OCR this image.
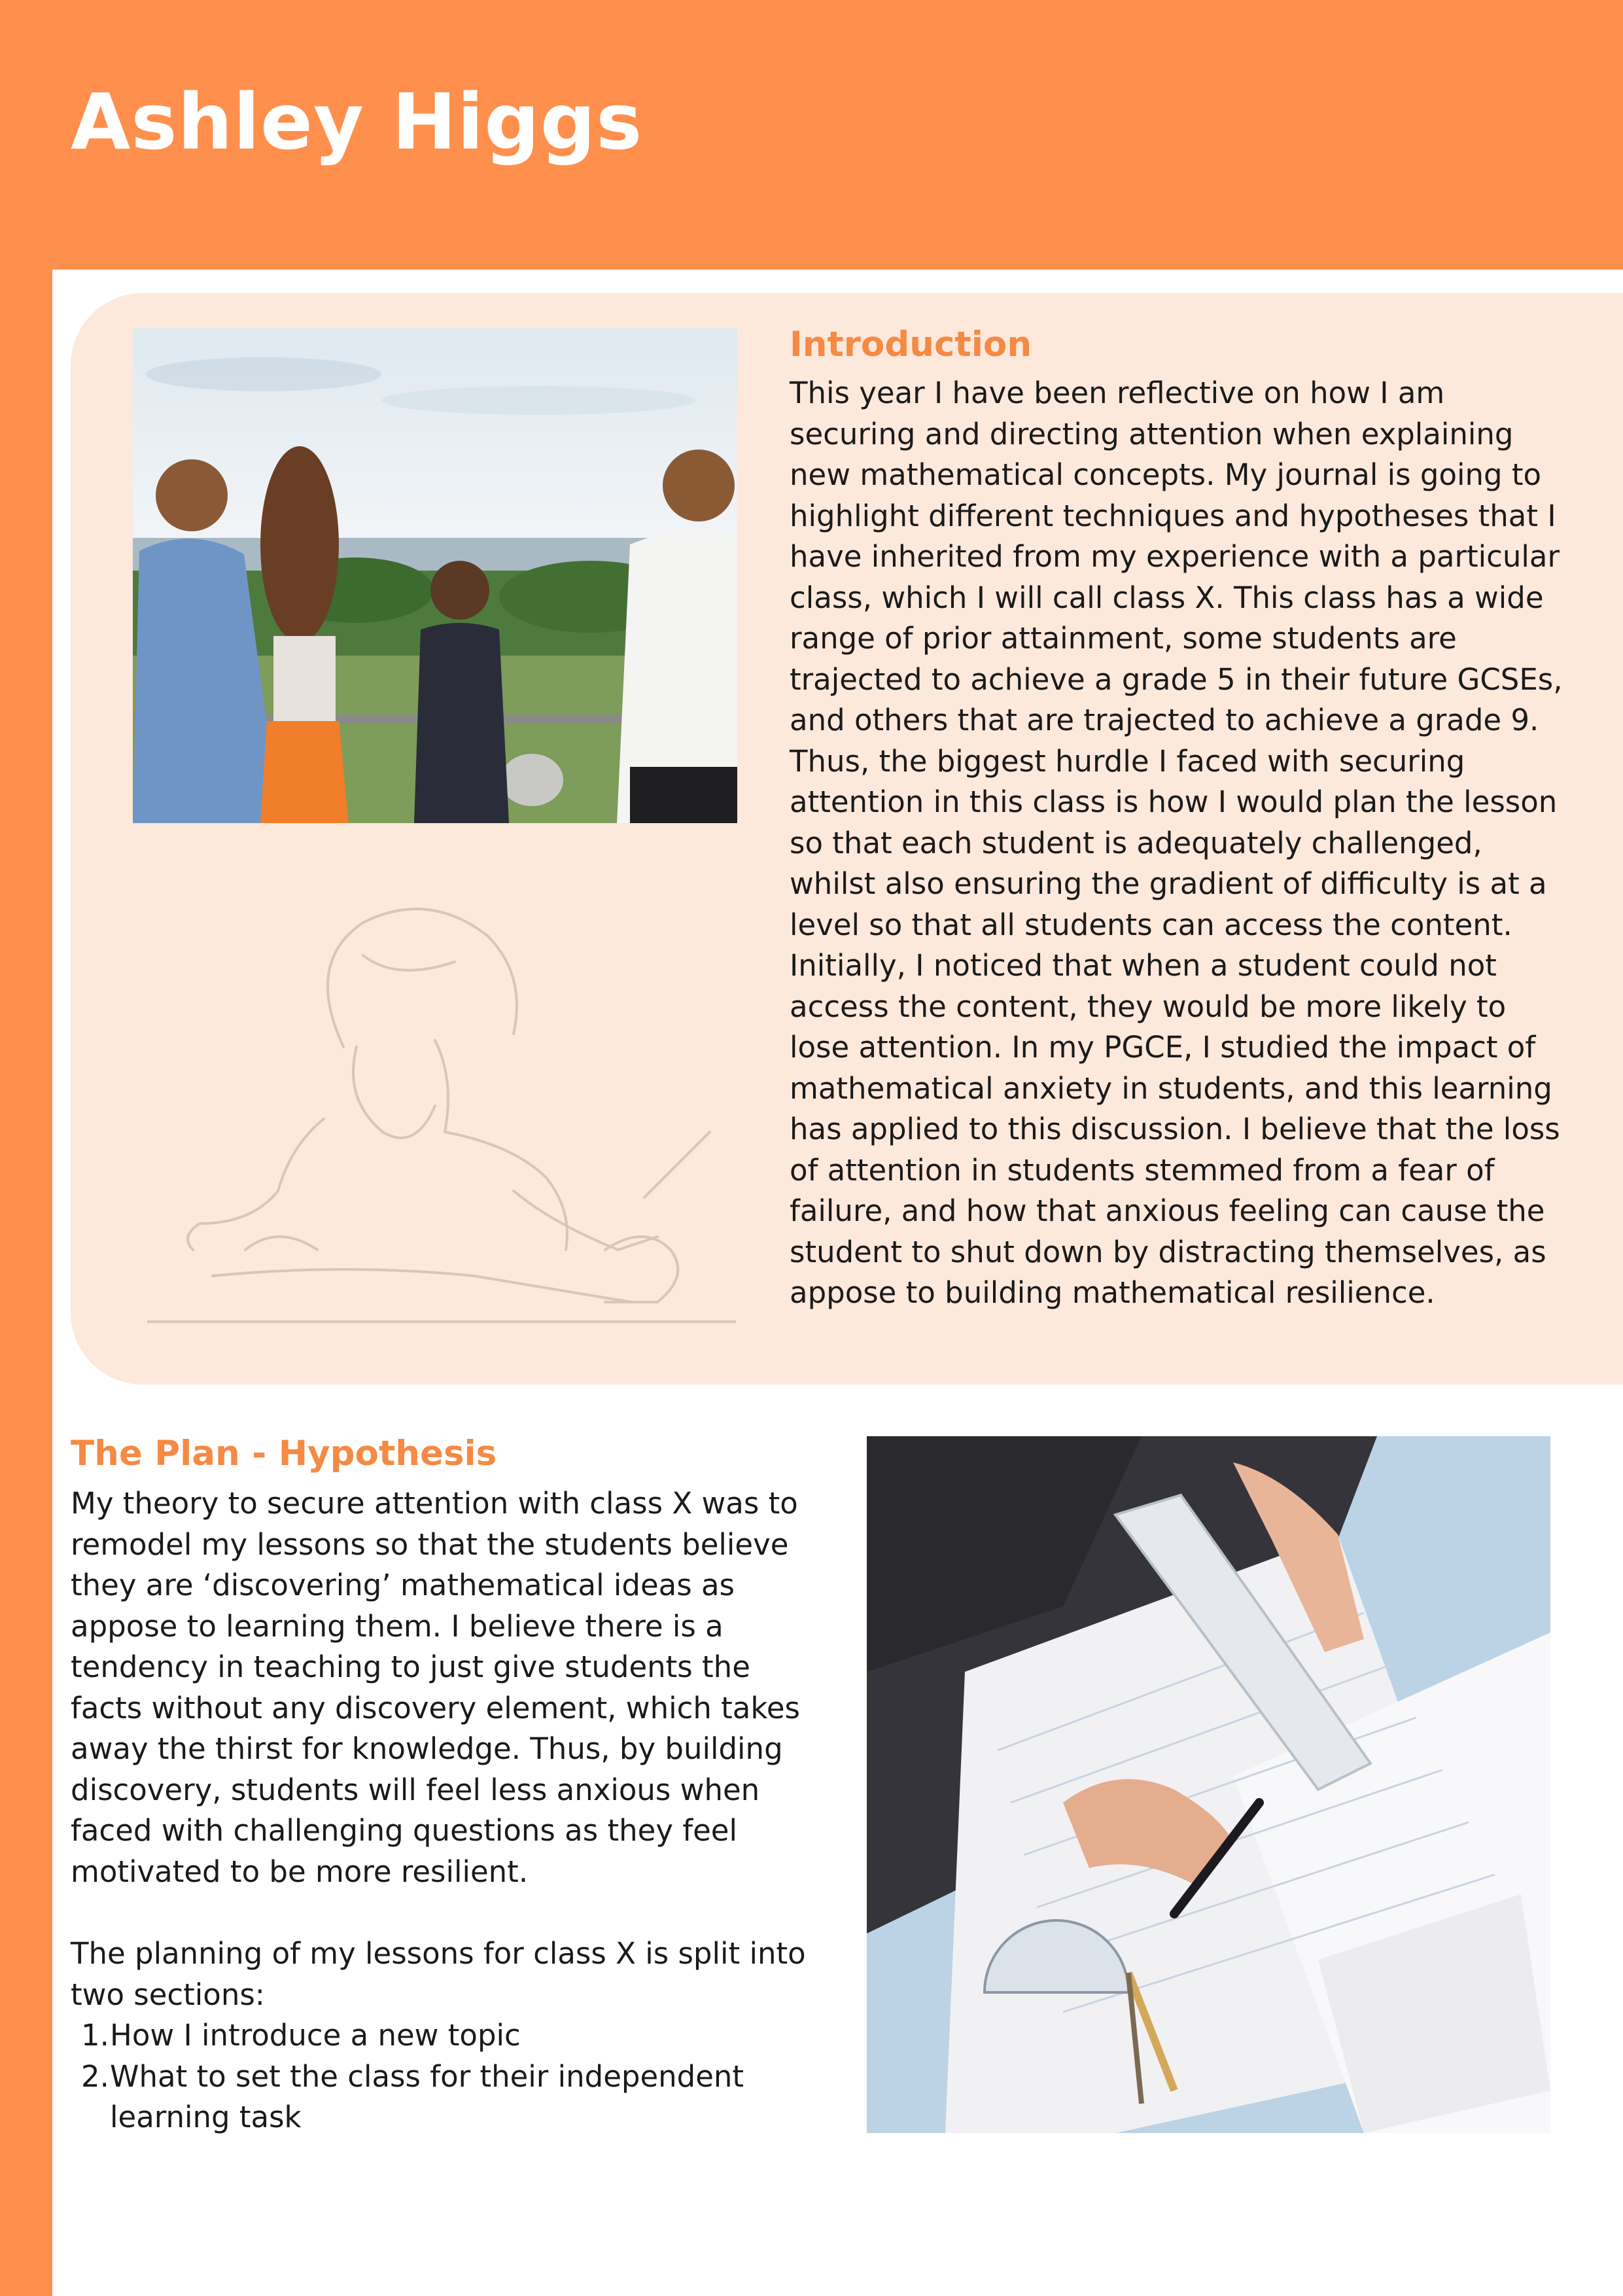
Ashley Higgs
Introduction

This year I have been reflective on how I am securing and directing attention when explaining new mathematical concepts. My journal is going to highlight different techniques and hypotheses that I have inherited from my experience with a particular class, which I will call class X. This class has a wide range of prior attainment, some students are trajected to achieve a grade 5 in their future GCSEs, and others that are trajected to achieve a grade 9. Thus, the biggest hurdle I faced with securing attention in this class is how I would plan the lesson so that each student is adequately challenged, whilst also ensuring the gradient of difficulty is at a level so that all students can access the content. Initially, I noticed that when a student could not access the content, they would be more likely to lose attention. In my PGCE, I studied the impact of mathematical anxiety in students, and this learning has applied to this discussion. I believe that the loss of attention in students stemmed from a fear of failure, and how that anxious feeling can cause the student to shut down by distracting themselves, as appose to building mathematical resilience.

The Plan - Hypothesis

My theory to secure attention with class X was to remodel my lessons so that the students believe they are ‘discovering’ mathematical ideas as appose to learning them. I believe there is a tendency in teaching to just give students the facts without any discovery element, which takes away the thirst for knowledge. Thus, by building discovery, students will feel less anxious when faced with challenging questions as they feel motivated to be more resilient.

The planning of my lessons for class X is split into two sections:

1. How I introduce a new topic
2. What to set the class for their independent learning task
